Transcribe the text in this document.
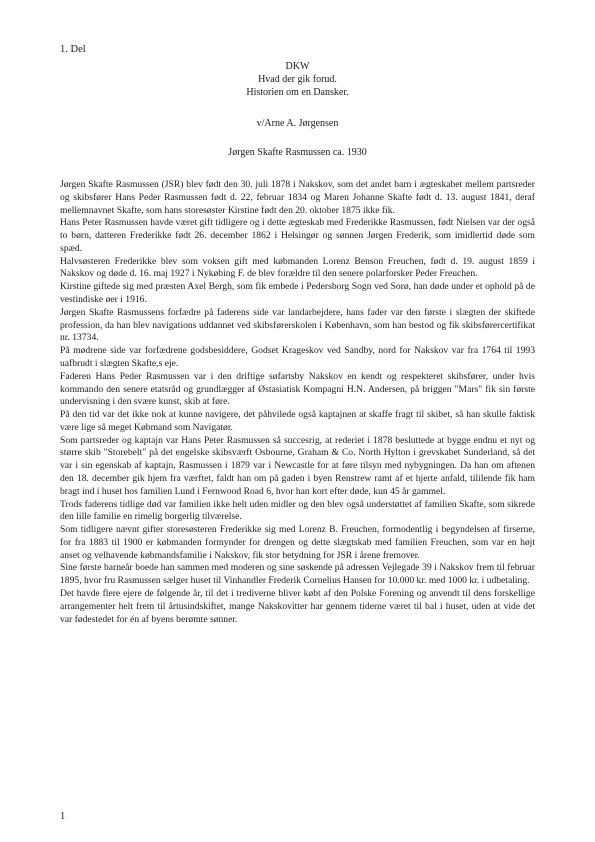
1. Del
DKW
Hvad der gik forud.
Historien om en Dansker.
v/Arne A. Jørgensen
Jørgen Skafte Rasmussen ca. 1930

Jørgen Skafte Rasmussen (JSR) blev født den 30. juli 1878 i Nakskov, som det andet barn i ægteskabet mellem partsreder og skibsfører Hans Peder Rasmussen født d. 22, februar 1834 og Maren Johanne Skafte født d. 13. august 1841, deraf mellemnavnet Skafte, som hans storesøster Kirstine født den 20. oktober 1875 ikke fik.

Hans Peter Rasmussen havde været gift tidligere og i dette ægteskab med Frederikke Rasmussen, født Nielsen var der også to børn, datteren Frederikke født 26. december 1862 i Helsingør og sønnen Jørgen Frederik, som imidlertid døde som spæd.

Halvsøsteren Frederikke blev som voksen gift med købmanden Lorenz Benson Freuchen, født d. 19. august 1859 i Nakskov og døde d. 16. maj 1927 i Nykøbing F. de blev forældre til den senere polarforsker Peder Freuchen.

Kirstine giftede sig med præsten Axel Bergh, som fik embede i Pedersborg Sogn ved Sorø, han døde under et ophold på de vestindiske øer i 1916.

Jørgen Skafte Rasmussens forfædre på faderens side var landarbejdere, hans fader var den første i slægten der skiftede profession, da han blev navigations uddannet ved skibsførerskolen i København, som han bestod og fik skibsførercertifikat nr. 13734.

På mødrene side var forfædrene godsbesiddere, Godset Krageskov ved Sandby, nord for Nakskov var fra 1764 til 1993 uafbrudt i slægten Skafte,s eje.

Faderen Hans Peder Rasmussen var i den driftige søfartsby Nakskov en kendt og respekteret skibsfører, under hvis kommando den senere etatsråd og grundlægger af Østasiatisk Kompagni H.N. Andersen, på briggen "Mars" fik sin første undervisning i den svære kunst, skib at føre.

På den tid var det ikke nok at kunne navigere, det påhvilede også kaptajnen at skaffe fragt til skibet, så han skulle faktisk være lige så meget Købmand som Navigatør.

Som partsreder og kaptajn var Hans Peter Rasmussen så succesrig, at rederiet i 1878 besluttede at bygge endnu et nyt og større skib "Storebelt" på det engelske skibsværft Osbourne, Graham & Co. North Hylton i grevskabet Sunderland, så det var i sin egenskab af kaptajn, Rasmussen i 1879 var i Newcastle for at føre tilsyn med nybygningen. Da han om aftenen den 18. december gik hjem fra værftet, faldt han om på gaden i byen Renstrew ramt af et hjerte anfald, tililende fik ham bragt ind i huset hos familien Lund i Fernwood Road 6, hvor han kort efter døde, kun 45 år gammel.

Trods faderens tidlige død var familien ikke helt uden midler og den blev også understøttet af familien Skafte, som sikrede den lille familie en rimelig borgerlig tilværelse.

Som tidligere nævnt gifter storesøsteren Frederikke sig med Lorenz B. Freuchen, formodentlig i begyndelsen af firserne, for fra 1883 til 1900 er købmanden formynder for drengen og dette slægtskab med familien Freuchen, som var en højt anset og velhavende købmandsfamilie i Nakskov, fik stor betydning for JSR i årene fremover.

Sine første barneår boede han sammen med moderen og sine søskende på adressen Vejlegade 39 i Nakskov frem til februar 1895, hvor fru Rasmussen sælger huset til Vinhandler Frederik Cornelius Hansen for 10.000 kr. med 1000 kr. i udbetaling.

Det havde flere ejere de følgende år, til det i trediverne bliver købt af den Polske Forening og anvendt til dens forskellige arrangementer helt frem til årtusindskiftet, mange Nakskovitter har gennem tiderne været til bal i huset, uden at vide det var fødestedet for én af byens berømte sønner.

1
